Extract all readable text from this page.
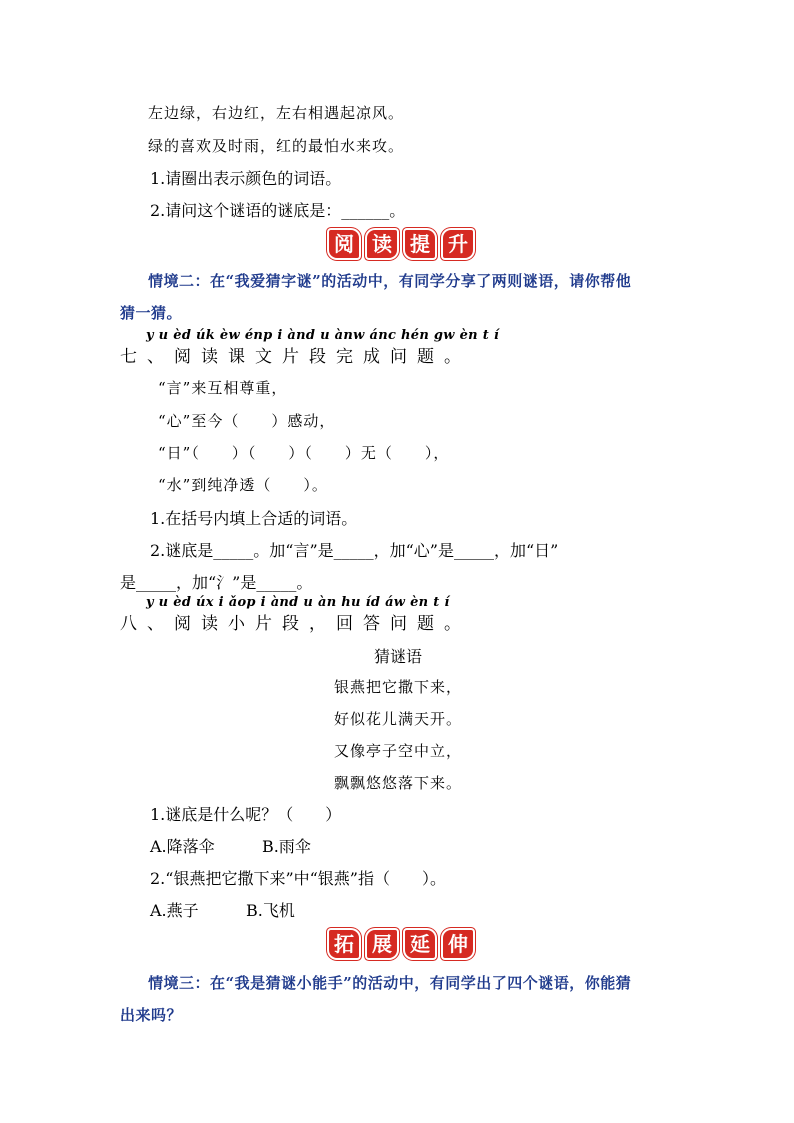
左边绿，右边红，左右相遇起凉风。
绿的喜欢及时雨，红的最怕水来攻。
1.请圈出表示颜色的词语。
2.请问这个谜语的谜底是：______。
阅 读 提 升
情境二：在“我爱猜字谜”的活动中，有同学分享了两则谜语，请你帮他
猜一猜。
y u èd úk èw énp i ànd u ànw ánc hén gw èn t í
七、阅读课文片段完成问题。
“言”来互相尊重，
“心”至今（　　）感动，
“日”（　　）（　　）（　　）无（　　），
“水”到纯净透（　　）。
1.在括号内填上合适的词语。
2.谜底是_____。加“言”是_____，加“心”是_____，加“日”
是_____，加“氵”是_____。
y u èd úx i ǎop i ànd u àn hu íd áw èn t í
八、阅读小片段，回答问题。
猜谜语
银燕把它撒下来，
好似花儿满天开。
又像亭子空中立，
飘飘悠悠落下来。
1.谜底是什么呢？（　　）
A.降落伞	B.雨伞
2.“银燕把它撒下来”中“银燕”指（　　）。
A.燕子	B.飞机
拓 展 延 伸
情境三：在“我是猜谜小能手”的活动中，有同学出了四个谜语，你能猜
出来吗？
